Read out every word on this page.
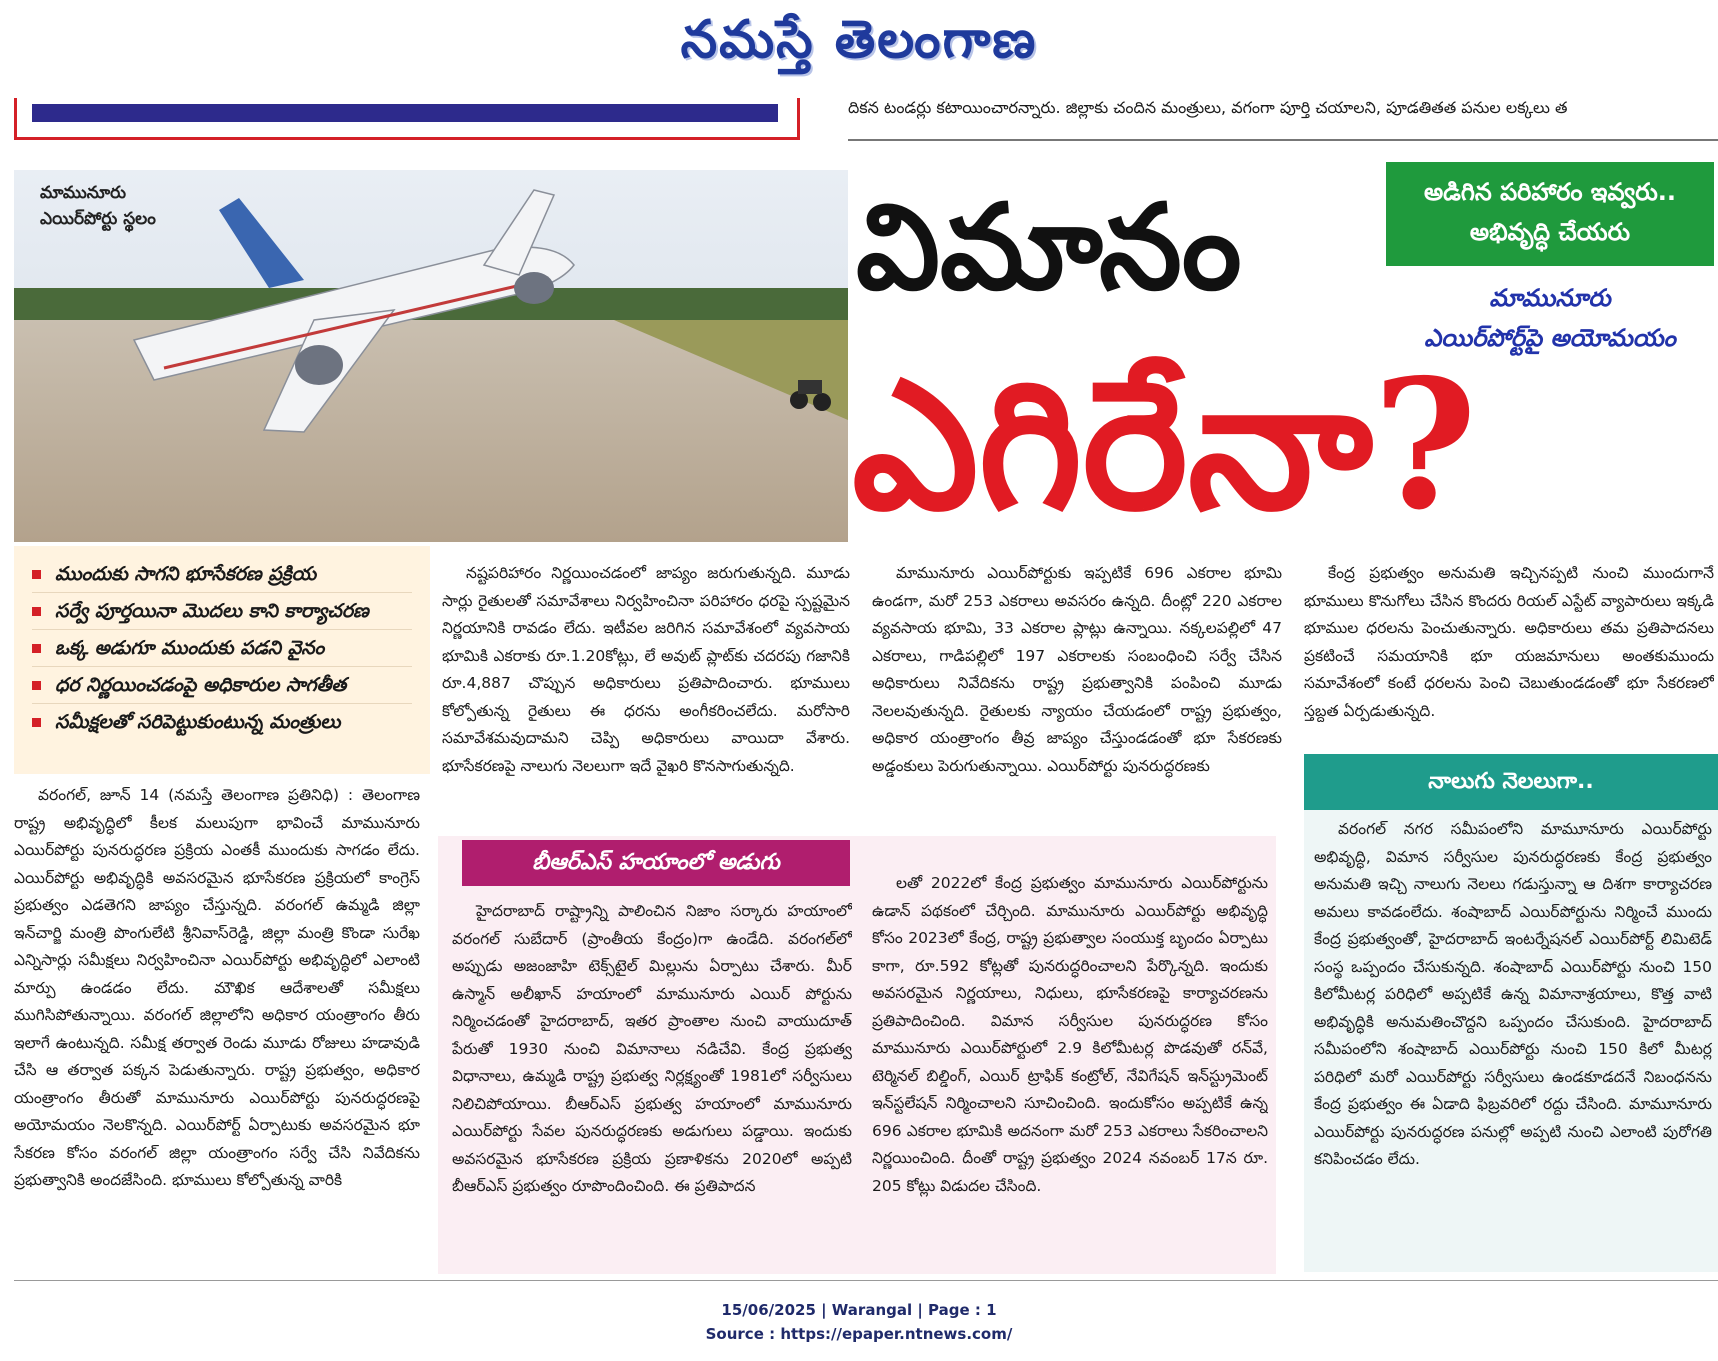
నమస్తే తెలంగాణ
దికన టండర్లు కటాయించారన్నారు. జిల్లాకు చందిన మంత్రులు, వగంగా పూర్తి చయాలని, పూడతితత పనుల లక్కలు త
మామునూరు
ఎయిర్‌పోర్టు స్థలం	విమానం
ఎగిరేనా?
అడిగిన పరిహారం ఇవ్వరు..
అభివృద్ధి చేయరు
మామునూరు
ఎయిర్‌పోర్ట్‌పై అయోమయం
ముందుకు సాగని భూసేకరణ ప్రక్రియ
సర్వే పూర్తయినా మొదలు కాని కార్యాచరణ
ఒక్క అడుగూ ముందుకు పడని వైనం
ధర నిర్ణయించడంపై అధికారుల సాగతీత
సమీక్షలతో సరిపెట్టుకుంటున్న మంత్రులు

వరంగల్, జూన్ 14 (నమస్తే తెలంగాణ ప్రతినిధి) : తెలంగాణ రాష్ట్ర అభివృద్ధిలో కీలక మలుపుగా భావించే మామునూరు ఎయిర్‌పోర్టు పునరుద్ధరణ ప్రక్రియ ఎంతకీ ముందుకు సాగడం లేదు. ఎయిర్‌పోర్టు అభివృద్ధికి అవసరమైన భూసేకరణ ప్రక్రియలో కాంగ్రెస్ ప్రభుత్వం ఎడతెగని జాప్యం చేస్తున్నది. వరంగల్ ఉమ్మడి జిల్లా ఇన్‌చార్జి మంత్రి పొంగులేటి శ్రీనివాస్‌రెడ్డి, జిల్లా మంత్రి కొండా సురేఖ ఎన్నిసార్లు సమీక్షలు నిర్వహించినా ఎయిర్‌పోర్టు అభివృద్ధిలో ఎలాంటి మార్పు ఉండడం లేదు. మౌఖిక ఆదేశాలతో సమీక్షలు ముగిసిపోతున్నాయి. వరంగల్ జిల్లాలోని అధికార యంత్రాంగం తీరు ఇలాగే ఉంటున్నది. సమీక్ష తర్వాత రెండు మూడు రోజులు హడావుడి చేసి ఆ తర్వాత పక్కన పెడుతున్నారు. రాష్ట్ర ప్రభుత్వం, అధికార యంత్రాంగం తీరుతో మామునూరు ఎయిర్‌పోర్టు పునరుద్ధరణపై అయోమయం నెలకొన్నది. ఎయిర్‌పోర్ట్ ఏర్పాటుకు అవసరమైన భూ సేకరణ కోసం వరంగల్ జిల్లా యంత్రాంగం సర్వే చేసి నివేదికను ప్రభుత్వానికి అందజేసింది. భూములు కోల్పోతున్న వారికి

నష్టపరిహారం నిర్ణయించడంలో జాప్యం జరుగుతున్నది. మూడు సార్లు రైతులతో సమావేశాలు నిర్వహించినా పరిహారం ధరపై స్పష్టమైన నిర్ణయానికి రావడం లేదు. ఇటీవల జరిగిన సమావేశంలో వ్యవసాయ భూమికి ఎకరాకు రూ.1.20కోట్లు, లే అవుట్ ప్లాట్‌కు చదరపు గజానికి రూ.4,887 చొప్పున అధికారులు ప్రతిపాదించారు. భూములు కోల్పోతున్న రైతులు ఈ ధరను అంగీకరించలేదు. మరోసారి సమావేశమవుదామని చెప్పి అధికారులు వాయిదా వేశారు. భూసేకరణపై నాలుగు నెలలుగా ఇదే వైఖరి కొనసాగుతున్నది.

మామునూరు ఎయిర్‌పోర్టుకు ఇప్పటికే 696 ఎకరాల భూమి ఉండగా, మరో 253 ఎకరాలు అవసరం ఉన్నది. దీంట్లో 220 ఎకరాల వ్యవసాయ భూమి, 33 ఎకరాల ప్లాట్లు ఉన్నాయి. నక్కలపల్లిలో 47 ఎకరాలు, గాడిపల్లిలో 197 ఎకరాలకు సంబంధించి సర్వే చేసిన అధికారులు నివేదికను రాష్ట్ర ప్రభుత్వానికి పంపించి మూడు నెలలవుతున్నది. రైతులకు న్యాయం చేయడంలో రాష్ట్ర ప్రభుత్వం, అధికార యంత్రాంగం తీవ్ర జాప్యం చేస్తుండడంతో భూ సేకరణకు అడ్డంకులు పెరుగుతున్నాయి. ఎయిర్‌పోర్టు పునరుద్ధరణకు

కేంద్ర ప్రభుత్వం అనుమతి ఇచ్చినప్పటి నుంచి ముందుగానే భూములు కొనుగోలు చేసిన కొందరు రియల్ ఎస్టేట్ వ్యాపారులు ఇక్కడి భూముల ధరలను పెంచుతున్నారు. అధికారులు తమ ప్రతిపాదనలు ప్రకటించే సమయానికి భూ యజమానులు అంతకుముందు సమావేశంలో కంటే ధరలను పెంచి చెబుతుండడంతో భూ సేకరణలో స్తబ్దత ఏర్పడుతున్నది.

బీఆర్‌ఎస్ హయాంలో అడుగు

హైదరాబాద్ రాష్ట్రాన్ని పాలించిన నిజాం సర్కారు హయాంలో వరంగల్ సుబేదార్ (ప్రాంతీయ కేంద్రం)గా ఉండేది. వరంగల్‌లో అప్పుడు అజంజాహి టెక్స్‌టైల్ మిల్లును ఏర్పాటు చేశారు. మీర్ ఉస్మాన్ అలీఖాన్ హయాంలో మామునూరు ఎయిర్ పోర్టును నిర్మించడంతో హైదరాబాద్, ఇతర ప్రాంతాల నుంచి వాయుదూత్ పేరుతో 1930 నుంచి విమానాలు నడిచేవి. కేంద్ర ప్రభుత్వ విధానాలు, ఉమ్మడి రాష్ట్ర ప్రభుత్వ నిర్లక్ష్యంతో 1981లో సర్వీసులు నిలిచిపోయాయి. బీఆర్‌ఎస్ ప్రభుత్వ హయాంలో మామునూరు ఎయిర్‌పోర్టు సేవల పునరుద్ధరణకు అడుగులు పడ్డాయి. ఇందుకు అవసరమైన భూసేకరణ ప్రక్రియ ప్రణాళికను 2020లో అప్పటి బీఆర్‌ఎస్ ప్రభుత్వం రూపొందించింది. ఈ ప్రతిపాదన

లతో 2022లో కేంద్ర ప్రభుత్వం మామునూరు ఎయిర్‌పోర్టును ఉడాన్ పథకంలో చేర్చింది. మామునూరు ఎయిర్‌పోర్టు అభివృద్ధి కోసం 2023లో కేంద్ర, రాష్ట్ర ప్రభుత్వాల సంయుక్త బృందం ఏర్పాటు కాగా, రూ.592 కోట్లతో పునరుద్ధరించాలని పేర్కొన్నది. ఇందుకు అవసరమైన నిర్ణయాలు, నిధులు, భూసేకరణపై కార్యాచరణను ప్రతిపాదించింది. విమాన సర్వీసుల పునరుద్ధరణ కోసం మామునూరు ఎయిర్‌పోర్టులో 2.9 కిలోమీటర్ల పొడవుతో రన్‌వే, టెర్మినల్ బిల్డింగ్, ఎయిర్ ట్రాఫిక్ కంట్రోల్, నేవిగేషన్ ఇన్‌స్ట్రుమెంట్ ఇన్‌స్టలేషన్ నిర్మించాలని సూచించింది. ఇందుకోసం అప్పటికే ఉన్న 696 ఎకరాల భూమికి అదనంగా మరో 253 ఎకరాలు సేకరించాలని నిర్ణయించింది. దీంతో రాష్ట్ర ప్రభుత్వం 2024 నవంబర్ 17న రూ. 205 కోట్లు విడుదల చేసింది.

నాలుగు నెలలుగా..

వరంగల్ నగర సమీపంలోని మామూనూరు ఎయిర్‌పోర్టు అభివృద్ధి, విమాన సర్వీసుల పునరుద్ధరణకు కేంద్ర ప్రభుత్వం అనుమతి ఇచ్చి నాలుగు నెలలు గడుస్తున్నా ఆ దిశగా కార్యాచరణ అమలు కావడంలేదు. శంషాబాద్ ఎయిర్‌పోర్టును నిర్మించే ముందు కేంద్ర ప్రభుత్వంతో, హైదరాబాద్ ఇంటర్నేషనల్ ఎయిర్‌పోర్ట్ లిమిటెడ్ సంస్థ ఒప్పందం చేసుకున్నది. శంషాబాద్ ఎయిర్‌పోర్టు నుంచి 150 కిలోమీటర్ల పరిధిలో అప్పటికే ఉన్న విమానాశ్రయాలు, కొత్త వాటి అభివృద్ధికి అనుమతించొద్దని ఒప్పందం చేసుకుంది. హైదరాబాద్ సమీపంలోని శంషాబాద్ ఎయిర్‌పోర్టు నుంచి 150 కిలో మీటర్ల పరిధిలో మరో ఎయిర్‌పోర్టు సర్వీసులు ఉండకూడదనే నిబంధనను కేంద్ర ప్రభుత్వం ఈ ఏడాది ఫిబ్రవరిలో రద్దు చేసింది. మామూనూరు ఎయిర్‌పోర్టు పునరుద్ధరణ పనుల్లో అప్పటి నుంచి ఎలాంటి పురోగతి కనిపించడం లేదు.

15/06/2025 | Warangal | Page : 1
Source : https://epaper.ntnews.com/
